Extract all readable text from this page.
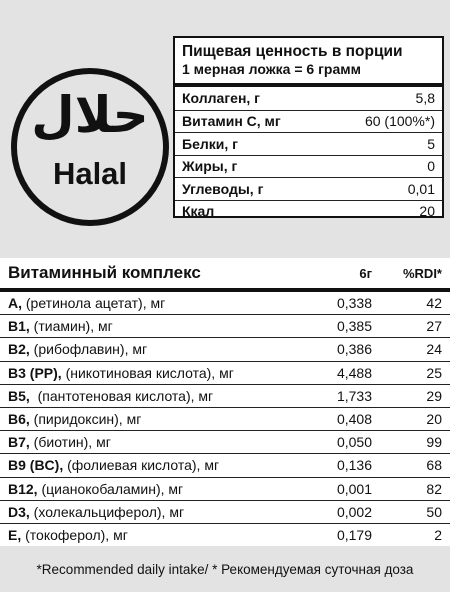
حلال
Halal
Пищевая ценность в порции
1 мерная ложка = 6 грамм
Коллаген, г	5,8
Витамин С, мг	60 (100%*)
Белки, г	5
Жиры, г	0
Углеводы, г	0,01
Ккал	20
Витаминный комплекс	6г	%RDI*
A, (ретинола ацетат), мг	0,338	42
B1, (тиамин), мг	0,385	27
B2, (рибофлавин), мг	0,386	24
B3 (PP), (никотиновая кислота), мг	4,488	25
B5,  (пантотеновая кислота), мг	1,733	29
B6, (пиридоксин), мг	0,408	20
B7, (биотин), мг	0,050	99
B9 (BC), (фолиевая кислота), мг	0,136	68
B12, (цианокобаламин), мг	0,001	82
D3, (холекальциферол), мг	0,002	50
E, (токоферол), мг	0,179	2
*Recommended daily intake/ * Рекомендуемая суточная доза
